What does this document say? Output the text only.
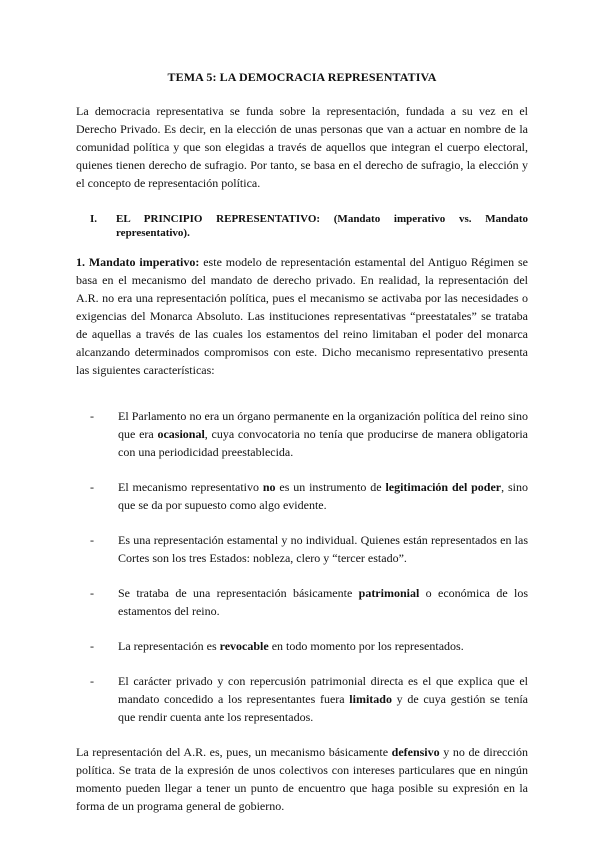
TEMA 5: LA DEMOCRACIA REPRESENTATIVA

La democracia representativa se funda sobre la representación, fundada a su vez en el Derecho Privado. Es decir, en la elección de unas personas que van a actuar en nombre de la comunidad política y que son elegidas a través de aquellos que integran el cuerpo electoral, quienes tienen derecho de sufragio. Por tanto, se basa en el derecho de sufragio, la elección y el concepto de representación política.

I.	EL PRINCIPIO REPRESENTATIVO: (Mandato imperativo vs. Mandato representativo).

1. Mandato imperativo: este modelo de representación estamental del Antiguo Régimen se basa en el mecanismo del mandato de derecho privado. En realidad, la representación del A.R. no era una representación política, pues el mecanismo se activaba por las necesidades o exigencias del Monarca Absoluto. Las instituciones representativas “preestatales” se trataba de aquellas a través de las cuales los estamentos del reino limitaban el poder del monarca alcanzando determinados compromisos con este. Dicho mecanismo representativo presenta las siguientes características:

-	El Parlamento no era un órgano permanente en la organización política del reino sino que era ocasional, cuya convocatoria no tenía que producirse de manera obligatoria con una periodicidad preestablecida.

-	El mecanismo representativo no es un instrumento de legitimación del poder, sino que se da por supuesto como algo evidente.

-	Es una representación estamental y no individual. Quienes están representados en las Cortes son los tres Estados: nobleza, clero y “tercer estado”.

-	Se trataba de una representación básicamente patrimonial o económica de los estamentos del reino.

-	La representación es revocable en todo momento por los representados.

-	El carácter privado y con repercusión patrimonial directa es el que explica que el mandato concedido a los representantes fuera limitado y de cuya gestión se tenía que rendir cuenta ante los representados.

La representación del A.R. es, pues, un mecanismo básicamente defensivo y no de dirección política. Se trata de la expresión de unos colectivos con intereses particulares que en ningún momento pueden llegar a tener un punto de encuentro que haga posible su expresión en la forma de un programa general de gobierno.
